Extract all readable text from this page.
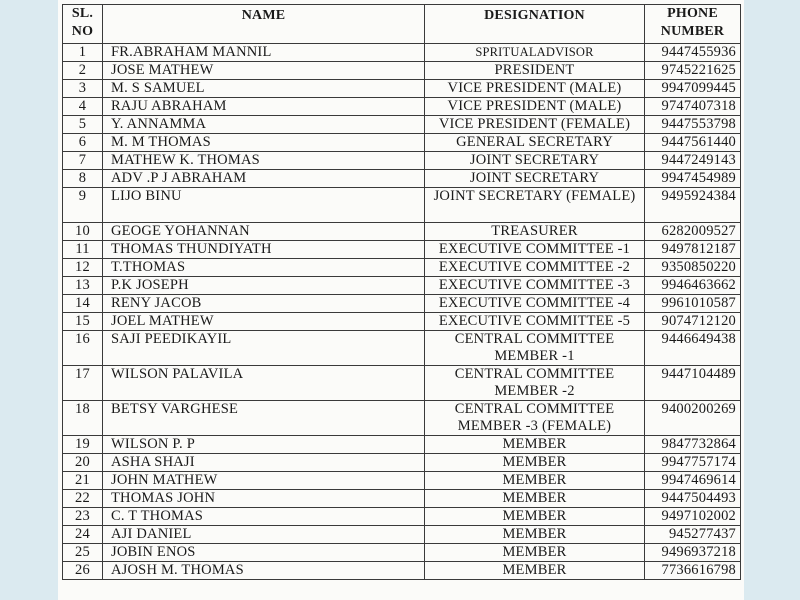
SL. NO	NAME	DESIGNATION	PHONE NUMBER
1	FR.ABRAHAM MANNIL	SPRITUALADVISOR	9447455936
2	JOSE MATHEW	PRESIDENT	9745221625
3	M. S SAMUEL	VICE PRESIDENT (MALE)	9947099445
4	RAJU ABRAHAM	VICE PRESIDENT (MALE)	9747407318
5	Y. ANNAMMA	VICE PRESIDENT (FEMALE)	9447553798
6	M. M THOMAS	GENERAL SECRETARY	9447561440
7	MATHEW K. THOMAS	JOINT SECRETARY	9447249143
8	ADV .P J ABRAHAM	JOINT SECRETARY	9947454989
9	LIJO BINU	JOINT SECRETARY (FEMALE)	9495924384
10	GEOGE YOHANNAN	TREASURER	6282009527
11	THOMAS THUNDIYATH	EXECUTIVE COMMITTEE -1	9497812187
12	T.THOMAS	EXECUTIVE COMMITTEE -2	9350850220
13	P.K JOSEPH	EXECUTIVE COMMITTEE -3	9946463662
14	RENY JACOB	EXECUTIVE COMMITTEE -4	9961010587
15	JOEL MATHEW	EXECUTIVE COMMITTEE -5	9074712120
16	SAJI PEEDIKAYIL	CENTRAL COMMITTEE MEMBER -1	9446649438
17	WILSON PALAVILA	CENTRAL COMMITTEE MEMBER -2	9447104489
18	BETSY VARGHESE	CENTRAL COMMITTEE MEMBER -3 (FEMALE)	9400200269
19	WILSON P. P	MEMBER	9847732864
20	ASHA SHAJI	MEMBER	9947757174
21	JOHN MATHEW	MEMBER	9947469614
22	THOMAS JOHN	MEMBER	9447504493
23	C. T THOMAS	MEMBER	9497102002
24	AJI DANIEL	MEMBER	945277437
25	JOBIN ENOS	MEMBER	9496937218
26	AJOSH M. THOMAS	MEMBER	7736616798
